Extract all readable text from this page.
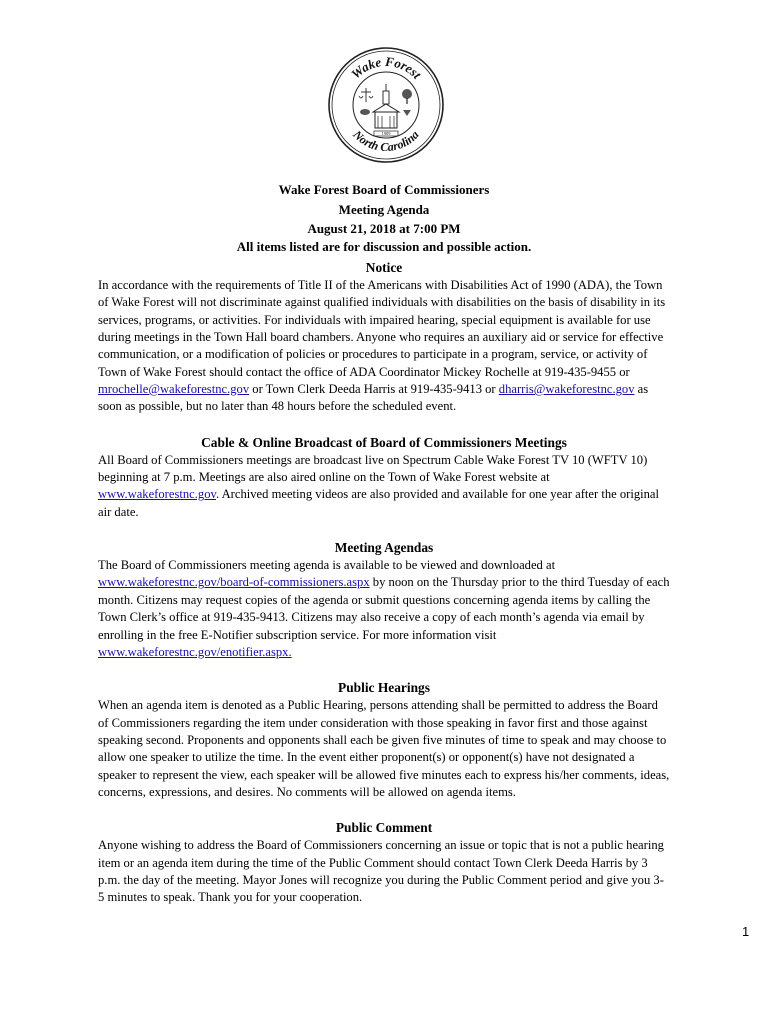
Wake Forest
North Carolina
1909
Wake Forest Board of Commissioners
Meeting Agenda
August 21, 2018 at 7:00 PM
All items listed are for discussion and possible action.
Notice

In accordance with the requirements of Title II of the Americans with Disabilities Act of 1990 (ADA), the Town of Wake Forest will not discriminate against qualified individuals with disabilities on the basis of disability in its services, programs, or activities. For individuals with impaired hearing, special equipment is available for use during meetings in the Town Hall board chambers. Anyone who requires an auxiliary aid or service for effective communication, or a modification of policies or procedures to participate in a program, service, or activity of Town of Wake Forest should contact the office of ADA Coordinator Mickey Rochelle at 919-435-9455 or mrochelle@wakeforestnc.gov or Town Clerk Deeda Harris at 919-435-9413 or dharris@wakeforestnc.gov as soon as possible, but no later than 48 hours before the scheduled event.

Cable & Online Broadcast of Board of Commissioners Meetings

All Board of Commissioners meetings are broadcast live on Spectrum Cable Wake Forest TV 10 (WFTV 10) beginning at 7 p.m. Meetings are also aired online on the Town of Wake Forest website at www.wakeforestnc.gov. Archived meeting videos are also provided and available for one year after the original air date.

Meeting Agendas

The Board of Commissioners meeting agenda is available to be viewed and downloaded at www.wakeforestnc.gov/board-of-commissioners.aspx by noon on the Thursday prior to the third Tuesday of each month. Citizens may request copies of the agenda or submit questions concerning agenda items by calling the Town Clerk’s office at 919-435-9413. Citizens may also receive a copy of each month’s agenda via email by enrolling in the free E-Notifier subscription service. For more information visit www.wakeforestnc.gov/enotifier.aspx.

Public Hearings

When an agenda item is denoted as a Public Hearing, persons attending shall be permitted to address the Board of Commissioners regarding the item under consideration with those speaking in favor first and those against speaking second. Proponents and opponents shall each be given five minutes of time to speak and may choose to allow one speaker to utilize the time. In the event either proponent(s) or opponent(s) have not designated a speaker to represent the view, each speaker will be allowed five minutes each to express his/her comments, ideas, concerns, expressions, and desires. No comments will be allowed on agenda items.

Public Comment

Anyone wishing to address the Board of Commissioners concerning an issue or topic that is not a public hearing item or an agenda item during the time of the Public Comment should contact Town Clerk Deeda Harris by 3 p.m. the day of the meeting. Mayor Jones will recognize you during the Public Comment period and give you 3-5 minutes to speak. Thank you for your cooperation.

1
